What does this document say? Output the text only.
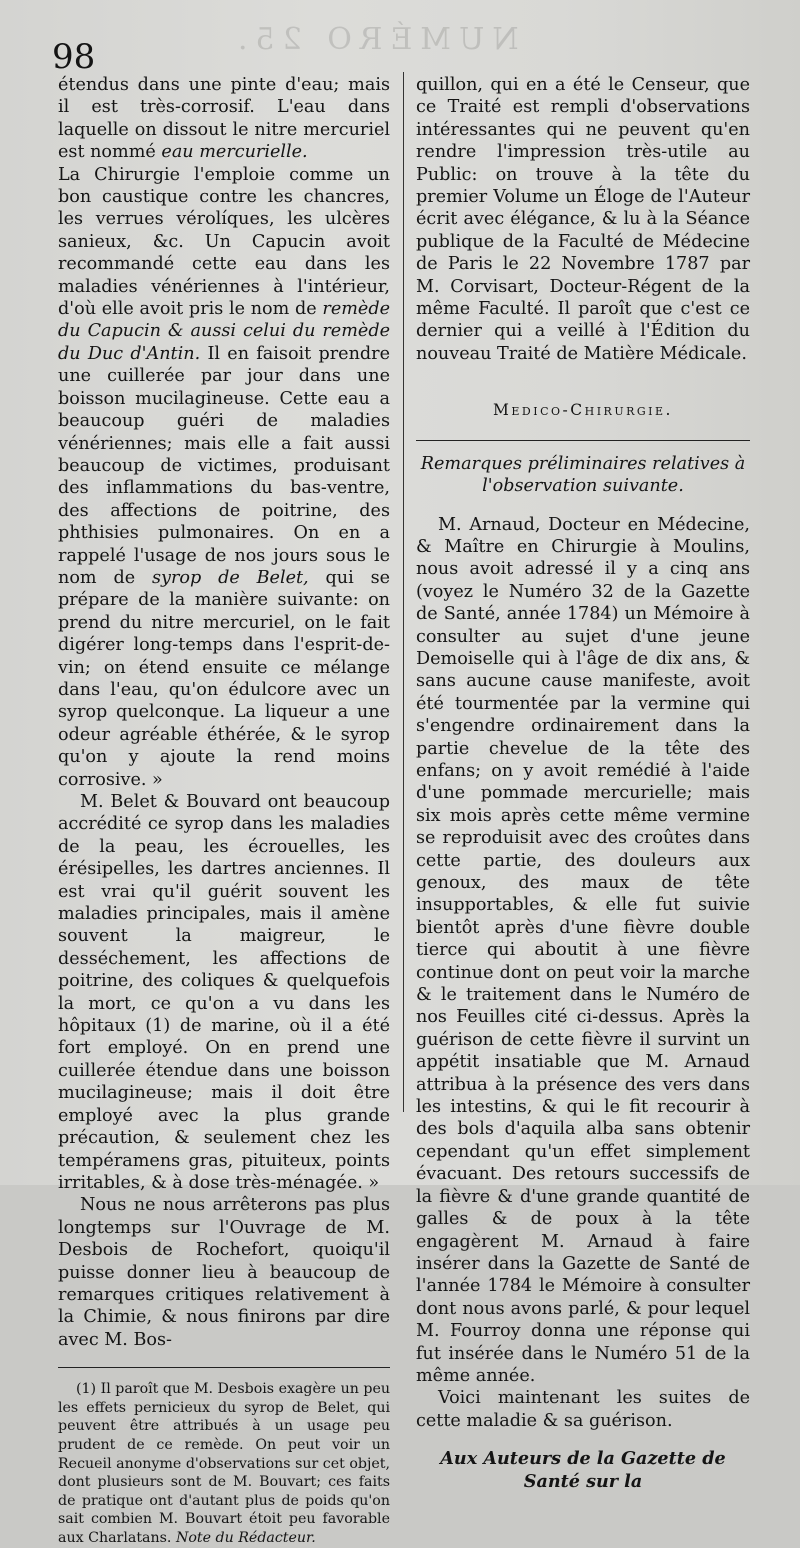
NUMÉRO 25.
98

étendus dans une pinte d'eau; mais il est très-corrosif. L'eau dans laquelle on dissout le nitre mercuriel est nommé eau mercurielle.

La Chirurgie l'emploie comme un bon caustique contre les chancres, les verrues vérolíques, les ulcères sanieux, &c. Un Capucin avoit recommandé cette eau dans les maladies vénériennes à l'intérieur, d'où elle avoit pris le nom de remède du Capucin & aussi celui du remède du Duc d'Antin. Il en faisoit prendre une cuillerée par jour dans une boisson mucilagineuse. Cette eau a beaucoup guéri de maladies vénériennes; mais elle a fait aussi beaucoup de victimes, produisant des inflammations du bas-ventre, des affections de poitrine, des phthisies pulmonaires. On en a rappelé l'usage de nos jours sous le nom de syrop de Belet, qui se prépare de la manière suivante: on prend du nitre mercuriel, on le fait digérer long-temps dans l'esprit-de-vin; on étend ensuite ce mélange dans l'eau, qu'on édulcore avec un syrop quelconque. La liqueur a une odeur agréable éthérée, & le syrop qu'on y ajoute la rend moins corrosive. »

M. Belet & Bouvard ont beaucoup accrédité ce syrop dans les maladies de la peau, les écrouelles, les érésipelles, les dartres anciennes. Il est vrai qu'il guérit souvent les maladies principales, mais il amène souvent la maigreur, le desséchement, les affections de poitrine, des coliques & quelquefois la mort, ce qu'on a vu dans les hôpitaux (1) de marine, où il a été fort employé. On en prend une cuillerée étendue dans une boisson mucilagineuse; mais il doit être employé avec la plus grande précaution, & seulement chez les tempéramens gras, pituiteux, points irritables, & à dose très-ménagée. »

Nous ne nous arrêterons pas plus longtemps sur l'Ouvrage de M. Desbois de Rochefort, quoiqu'il puisse donner lieu à beaucoup de remarques critiques relativement à la Chimie, & nous finirons par dire avec M. Bos-

(1) Il paroît que M. Desbois exagère un peu les effets pernicieux du syrop de Belet, qui peuvent être attribués à un usage peu prudent de ce remède. On peut voir un Recueil anonyme d'observations sur cet objet, dont plusieurs sont de M. Bouvart; ces faits de pratique ont d'autant plus de poids qu'on sait combien M. Bouvart étoit peu favorable aux Charlatans. Note du Rédacteur.

quillon, qui en a été le Censeur, que ce Traité est rempli d'observations intéressantes qui ne peuvent qu'en rendre l'impression très-utile au Public: on trouve à la tête du premier Volume un Éloge de l'Auteur écrit avec élégance, & lu à la Séance publique de la Faculté de Médecine de Paris le 22 Novembre 1787 par M. Corvisart, Docteur-Régent de la même Faculté. Il paroît que c'est ce dernier qui a veillé à l'Édition du nouveau Traité de Matière Médicale.

Medico-Chirurgie.
Remarques préliminaires relatives à l'observation suivante.

M. Arnaud, Docteur en Médecine, & Maître en Chirurgie à Moulins, nous avoit adressé il y a cinq ans (voyez le Numéro 32 de la Gazette de Santé, année 1784) un Mémoire à consulter au sujet d'une jeune Demoiselle qui à l'âge de dix ans, & sans aucune cause manifeste, avoit été tourmentée par la vermine qui s'engendre ordinairement dans la partie chevelue de la tête des enfans; on y avoit remédié à l'aide d'une pommade mercurielle; mais six mois après cette même vermine se reproduisit avec des croûtes dans cette partie, des douleurs aux genoux, des maux de tête insupportables, & elle fut suivie bientôt après d'une fièvre double tierce qui aboutit à une fièvre continue dont on peut voir la marche & le traitement dans le Numéro de nos Feuilles cité ci-dessus. Après la guérison de cette fièvre il survint un appétit insatiable que M. Arnaud attribua à la présence des vers dans les intestins, & qui le fit recourir à des bols d'aquila alba sans obtenir cependant qu'un effet simplement évacuant. Des retours successifs de la fièvre & d'une grande quantité de galles & de poux à la tête engagèrent M. Arnaud à faire insérer dans la Gazette de Santé de l'année 1784 le Mémoire à consulter dont nous avons parlé, & pour lequel M. Fourroy donna une réponse qui fut insérée dans le Numéro 51 de la même année.

Voici maintenant les suites de cette maladie & sa guérison.

Aux Auteurs de la Gazette de Santé sur la
